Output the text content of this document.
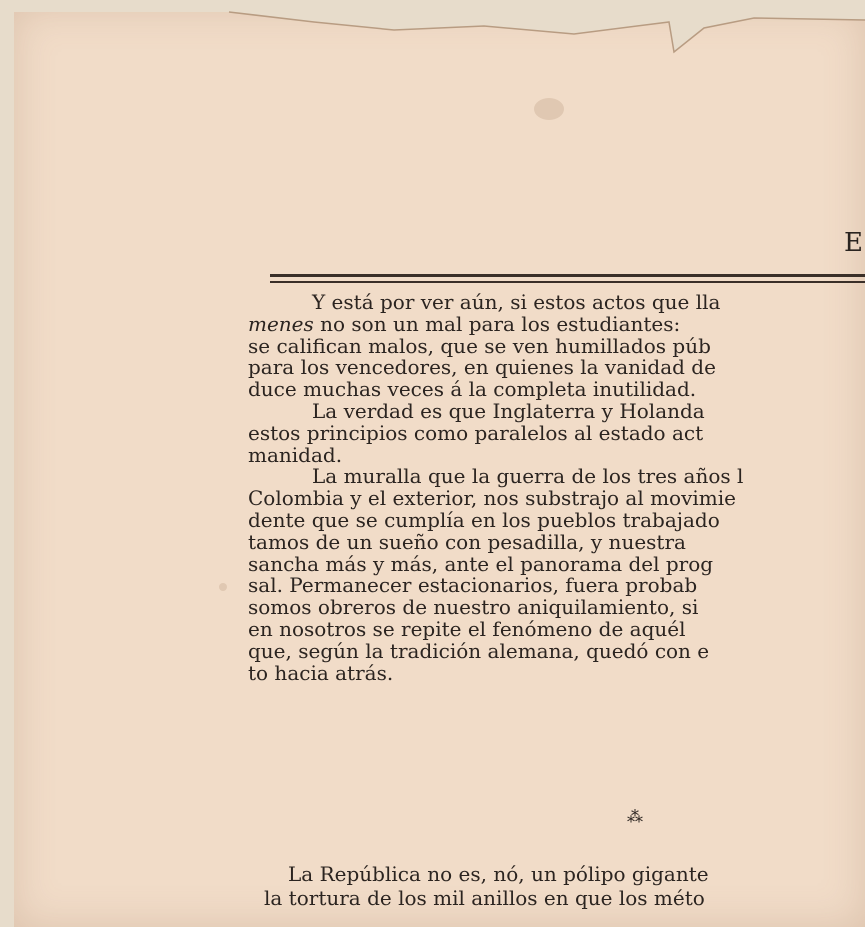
E
Y está por ver aún, si estos actos que lla
menes no son un mal para los estudiantes:
se califican malos, que se ven humillados púb
para los vencedores, en quienes la vanidad de
duce muchas veces á la completa inutilidad.
La verdad es que Inglaterra y Holanda
estos principios como paralelos al estado act
manidad.
La muralla que la guerra de los tres años l
Colombia y el exterior, nos substrajo al movimie
dente que se cumplía en los pueblos trabajado
tamos de un sueño con pesadilla, y nuestra
sancha más y más, ante el panorama del prog
sal. Permanecer estacionarios, fuera probab
somos obreros de nuestro aniquilamiento, si
en nosotros se repite el fenómeno de aquél
que, según la tradición alemana, quedó con e
to hacia atrás.
⁂
La República no es, nó, un pólipo gigante
la tortura de los mil anillos en que los méto
